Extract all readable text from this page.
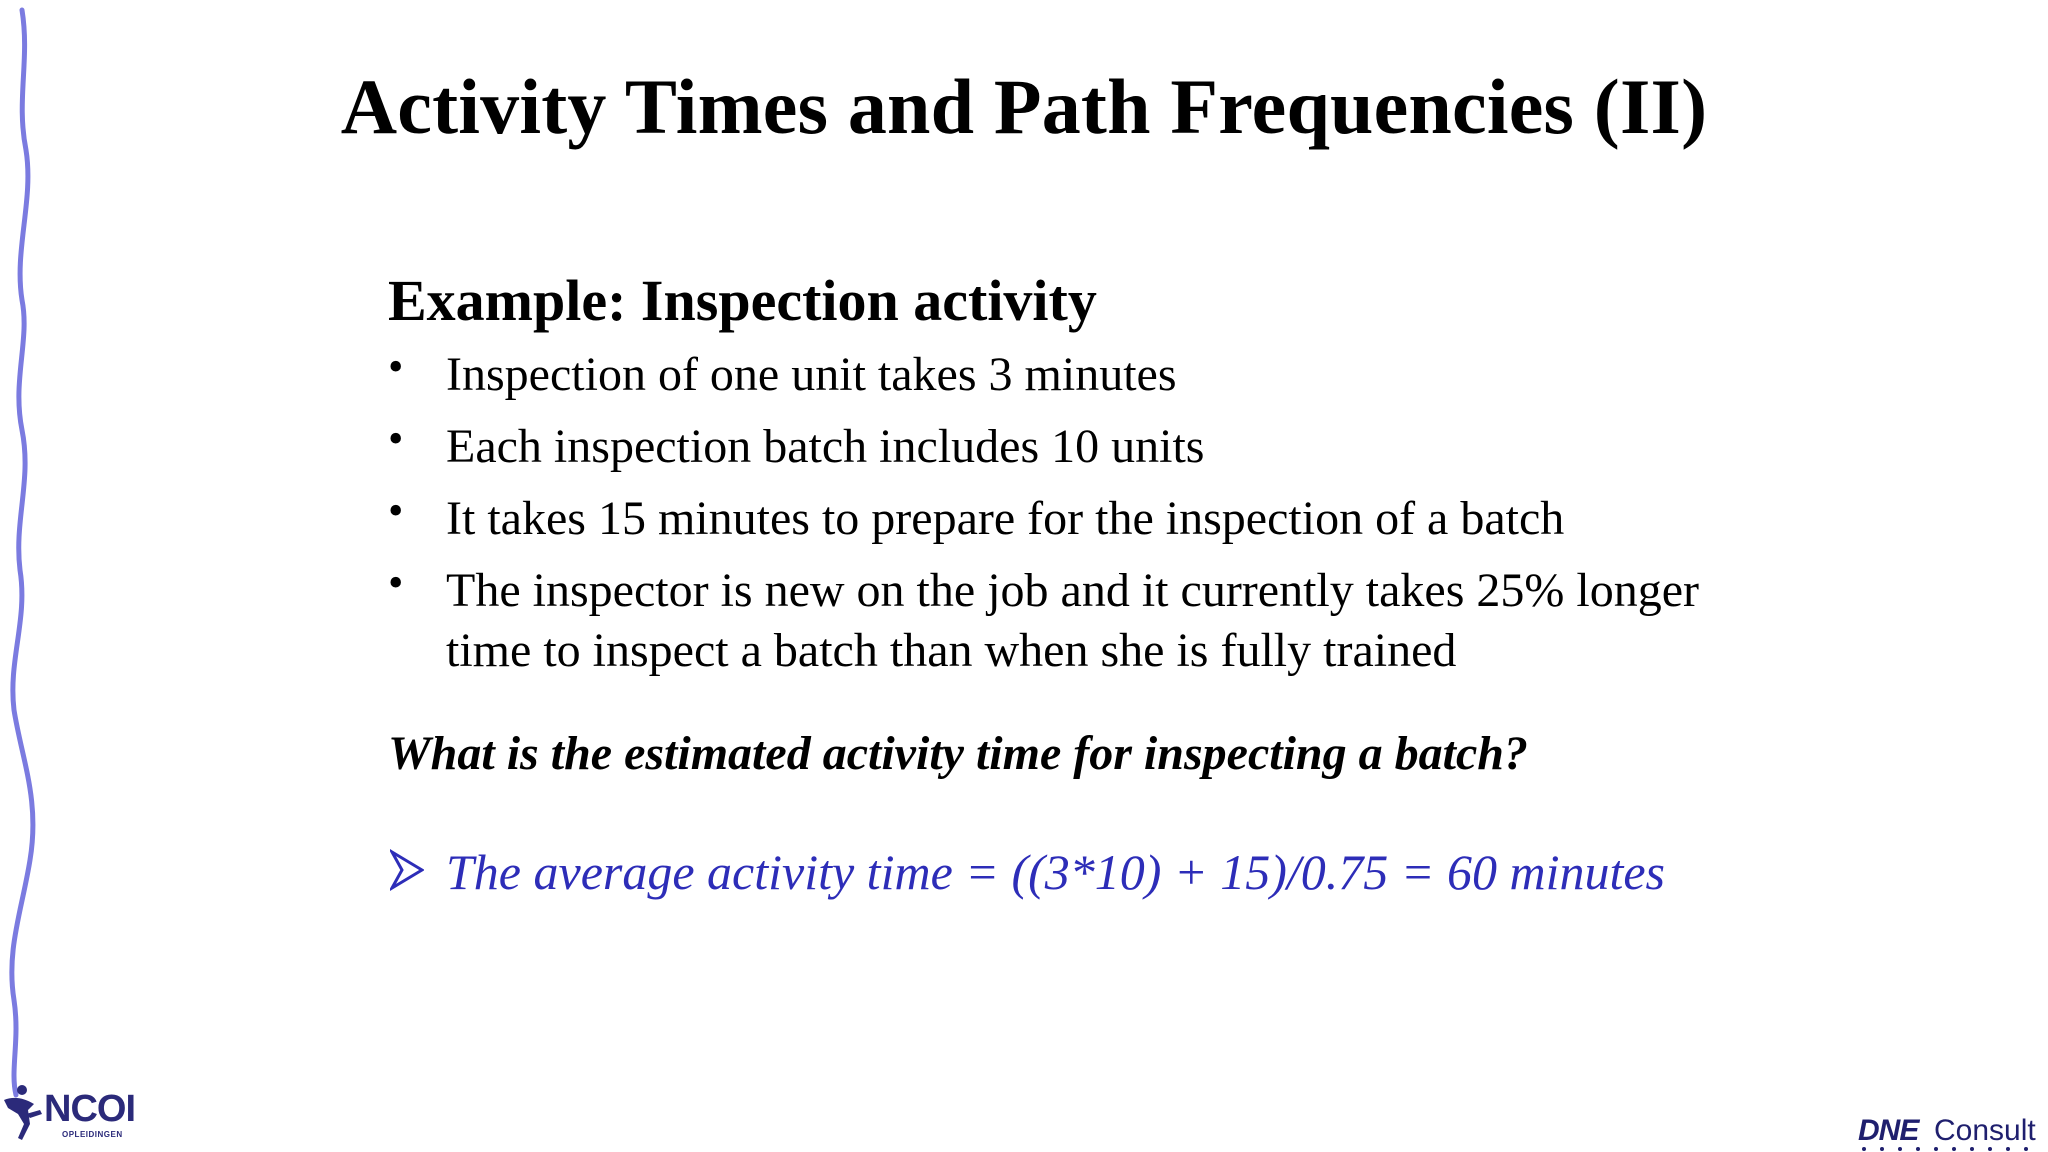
Activity Times and Path Frequencies (II)
Example: Inspection activity
• Inspection of one unit takes 3 minutes
• Each inspection batch includes 10 units
• It takes 15 minutes to prepare for the inspection of a batch
• The inspector is new on the job and it currently takes 25% longer time to inspect a batch than when she is fully trained
What is the estimated activity time for inspecting a batch?
The average activity time = ((3*10) + 15)/0.75 = 60 minutes
NCOI
OPLEIDINGEN	DNE Consult
